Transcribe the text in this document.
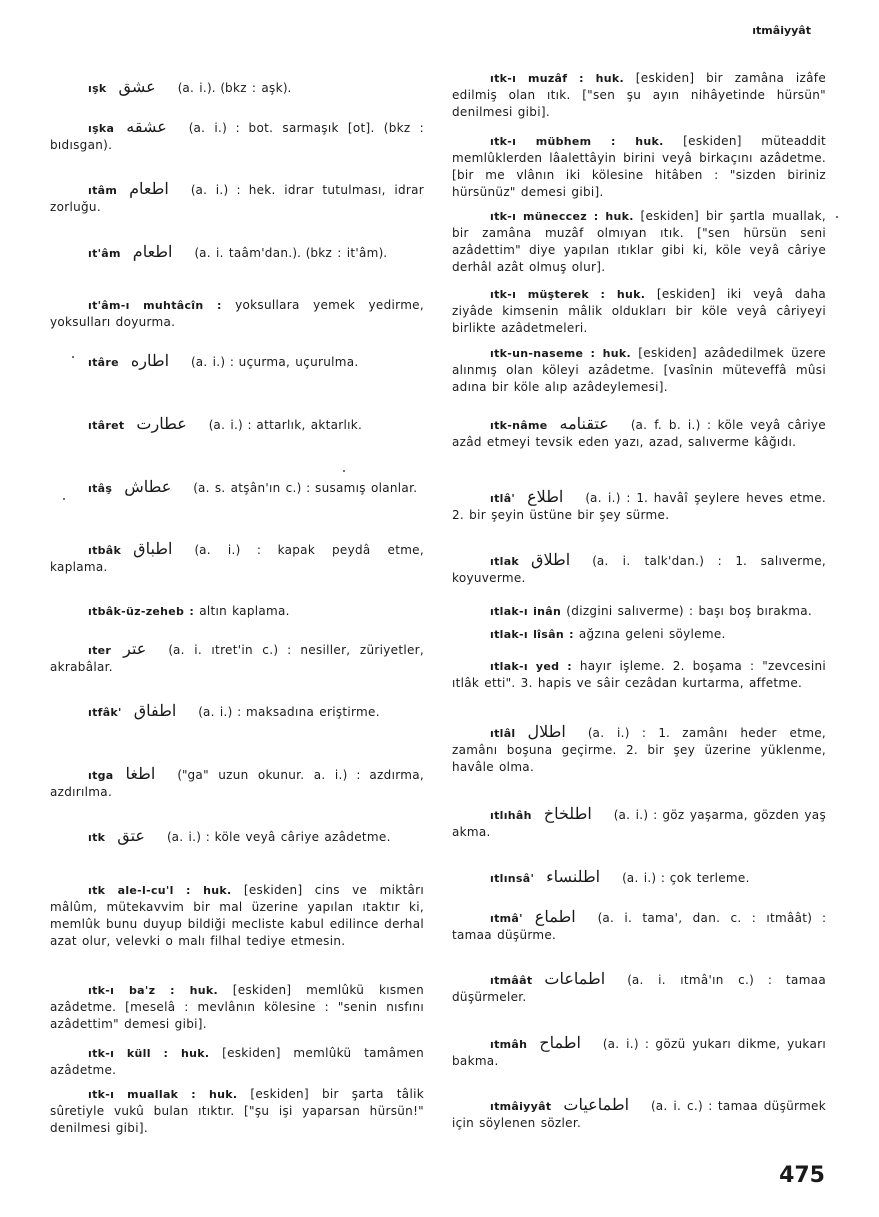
ıtmâiyyât
ışk عشق (a. i.). (bkz : aşk).
ışka عشقه (a. i.) : bot. sarmaşık [ot]. (bkz : bıdısgan).
ıtâm اطعام (a. i.) : hek. idrar tutulması, idrar zorluğu.
ıt'âm اطعام (a. i. taâm'dan.). (bkz : it'âm).
ıt'âm-ı muhtâcîn : yoksullara yemek yedirme, yoksulları doyurma.
ıtâre اطاره (a. i.) : uçurma, uçurulma.
ıtâret عطارت (a. i.) : attarlık, aktarlık.
ıtâş عطاش (a. s. atşân'ın c.) : susamış olanlar.
ıtbâk اطباق (a. i.) : kapak peydâ etme, kaplama.
ıtbâk-üz-zeheb : altın kaplama.
ıter عتر (a. i. ıtret'in c.) : nesiller, züriyetler, akrabâlar.
ıtfâk' اطفاق (a. i.) : maksadına eriştirme.
ıtga اطغا ("ga" uzun okunur. a. i.) : azdırma, azdırılma.
ıtk عتق (a. i.) : köle veyâ câriye azâdetme.
ıtk ale-l-cu'l : huk. [eskiden] cins ve miktârı mâlûm, mütekavvim bir mal üzerine yapılan ıtaktır ki, memlûk bunu duyup bildiği mecliste kabul edilince derhal azat olur, velevki o malı filhal tediye etmesin.
ıtk-ı ba'z : huk. [eskiden] memlûkü kısmen azâdetme. [meselâ : mevlânın kölesine : "senin nısfını azâdettim" demesi gibi].
ıtk-ı küll : huk. [eskiden] memlûkü tamâmen azâdetme.
ıtk-ı muallak : huk. [eskiden] bir şarta tâlik sûretiyle vukû bulan ıtıktır. ["şu işi yaparsan hürsün!" denilmesi gibi].
ıtk-ı muzâf : huk. [eskiden] bir zamâna izâfe edilmiş olan ıtık. ["sen şu ayın nihâyetinde hürsün" denilmesi gibi].
ıtk-ı mübhem : huk. [eskiden] müteaddit memlûklerden lâalettâyin birini veyâ birkaçını azâdetme. [bir me vlânın iki kölesine hitâben : "sizden biriniz hürsünüz" demesi gibi].
ıtk-ı müneccez : huk. [eskiden] bir şartla muallak, bir zamâna muzâf olmıyan ıtık. ["sen hürsün seni azâdettim" diye yapılan ıtıklar gibi ki, köle veyâ câriye derhâl azât olmuş olur].
ıtk-ı müşterek : huk. [eskiden] iki veyâ daha ziyâde kimsenin mâlik oldukları bir köle veyâ câriyeyi birlikte azâdetmeleri.
ıtk-un-naseme : huk. [eskiden] azâdedilmek üzere alınmış olan köleyi azâdetme. [vasînin müteveffâ mûsi adına bir köle alıp azâdeylemesi].
ıtk-nâme عتقنامه (a. f. b. i.) : köle veyâ câriye azâd etmeyi tevsik eden yazı, azad, salıverme kâğıdı.
ıtlâ' اطلاع (a. i.) : 1. havâî şeylere heves etme. 2. bir şeyin üstüne bir şey sürme.
ıtlak اطلاق (a. i. talk'dan.) : 1. salıverme, koyuverme.
ıtlak-ı inân (dizgini salıverme) : başı boş bırakma.
ıtlak-ı lîsân : ağzına geleni söyleme.
ıtlak-ı yed : hayır işleme. 2. boşama : "zevcesini ıtlâk etti". 3. hapis ve sâir cezâdan kurtarma, affetme.
ıtlâl اطلال (a. i.) : 1. zamânı heder etme, zamânı boşuna geçirme. 2. bir şey üzerine yüklenme, havâle olma.
ıtlıhâh اطلخاخ (a. i.) : göz yaşarma, gözden yaş akma.
ıtlınsâ' اطلنساء (a. i.) : çok terleme.
ıtmâ' اطماع (a. i. tama', dan. c. : ıtmâât) : tamaa düşürme.
ıtmâât اطماعات (a. i. ıtmâ'ın c.) : tamaa düşürmeler.
ıtmâh اطماح (a. i.) : gözü yukarı dikme, yukarı bakma.
ıtmâiyyât اطماعيات (a. i. c.) : tamaa düşürmek için söylenen sözler.
475
